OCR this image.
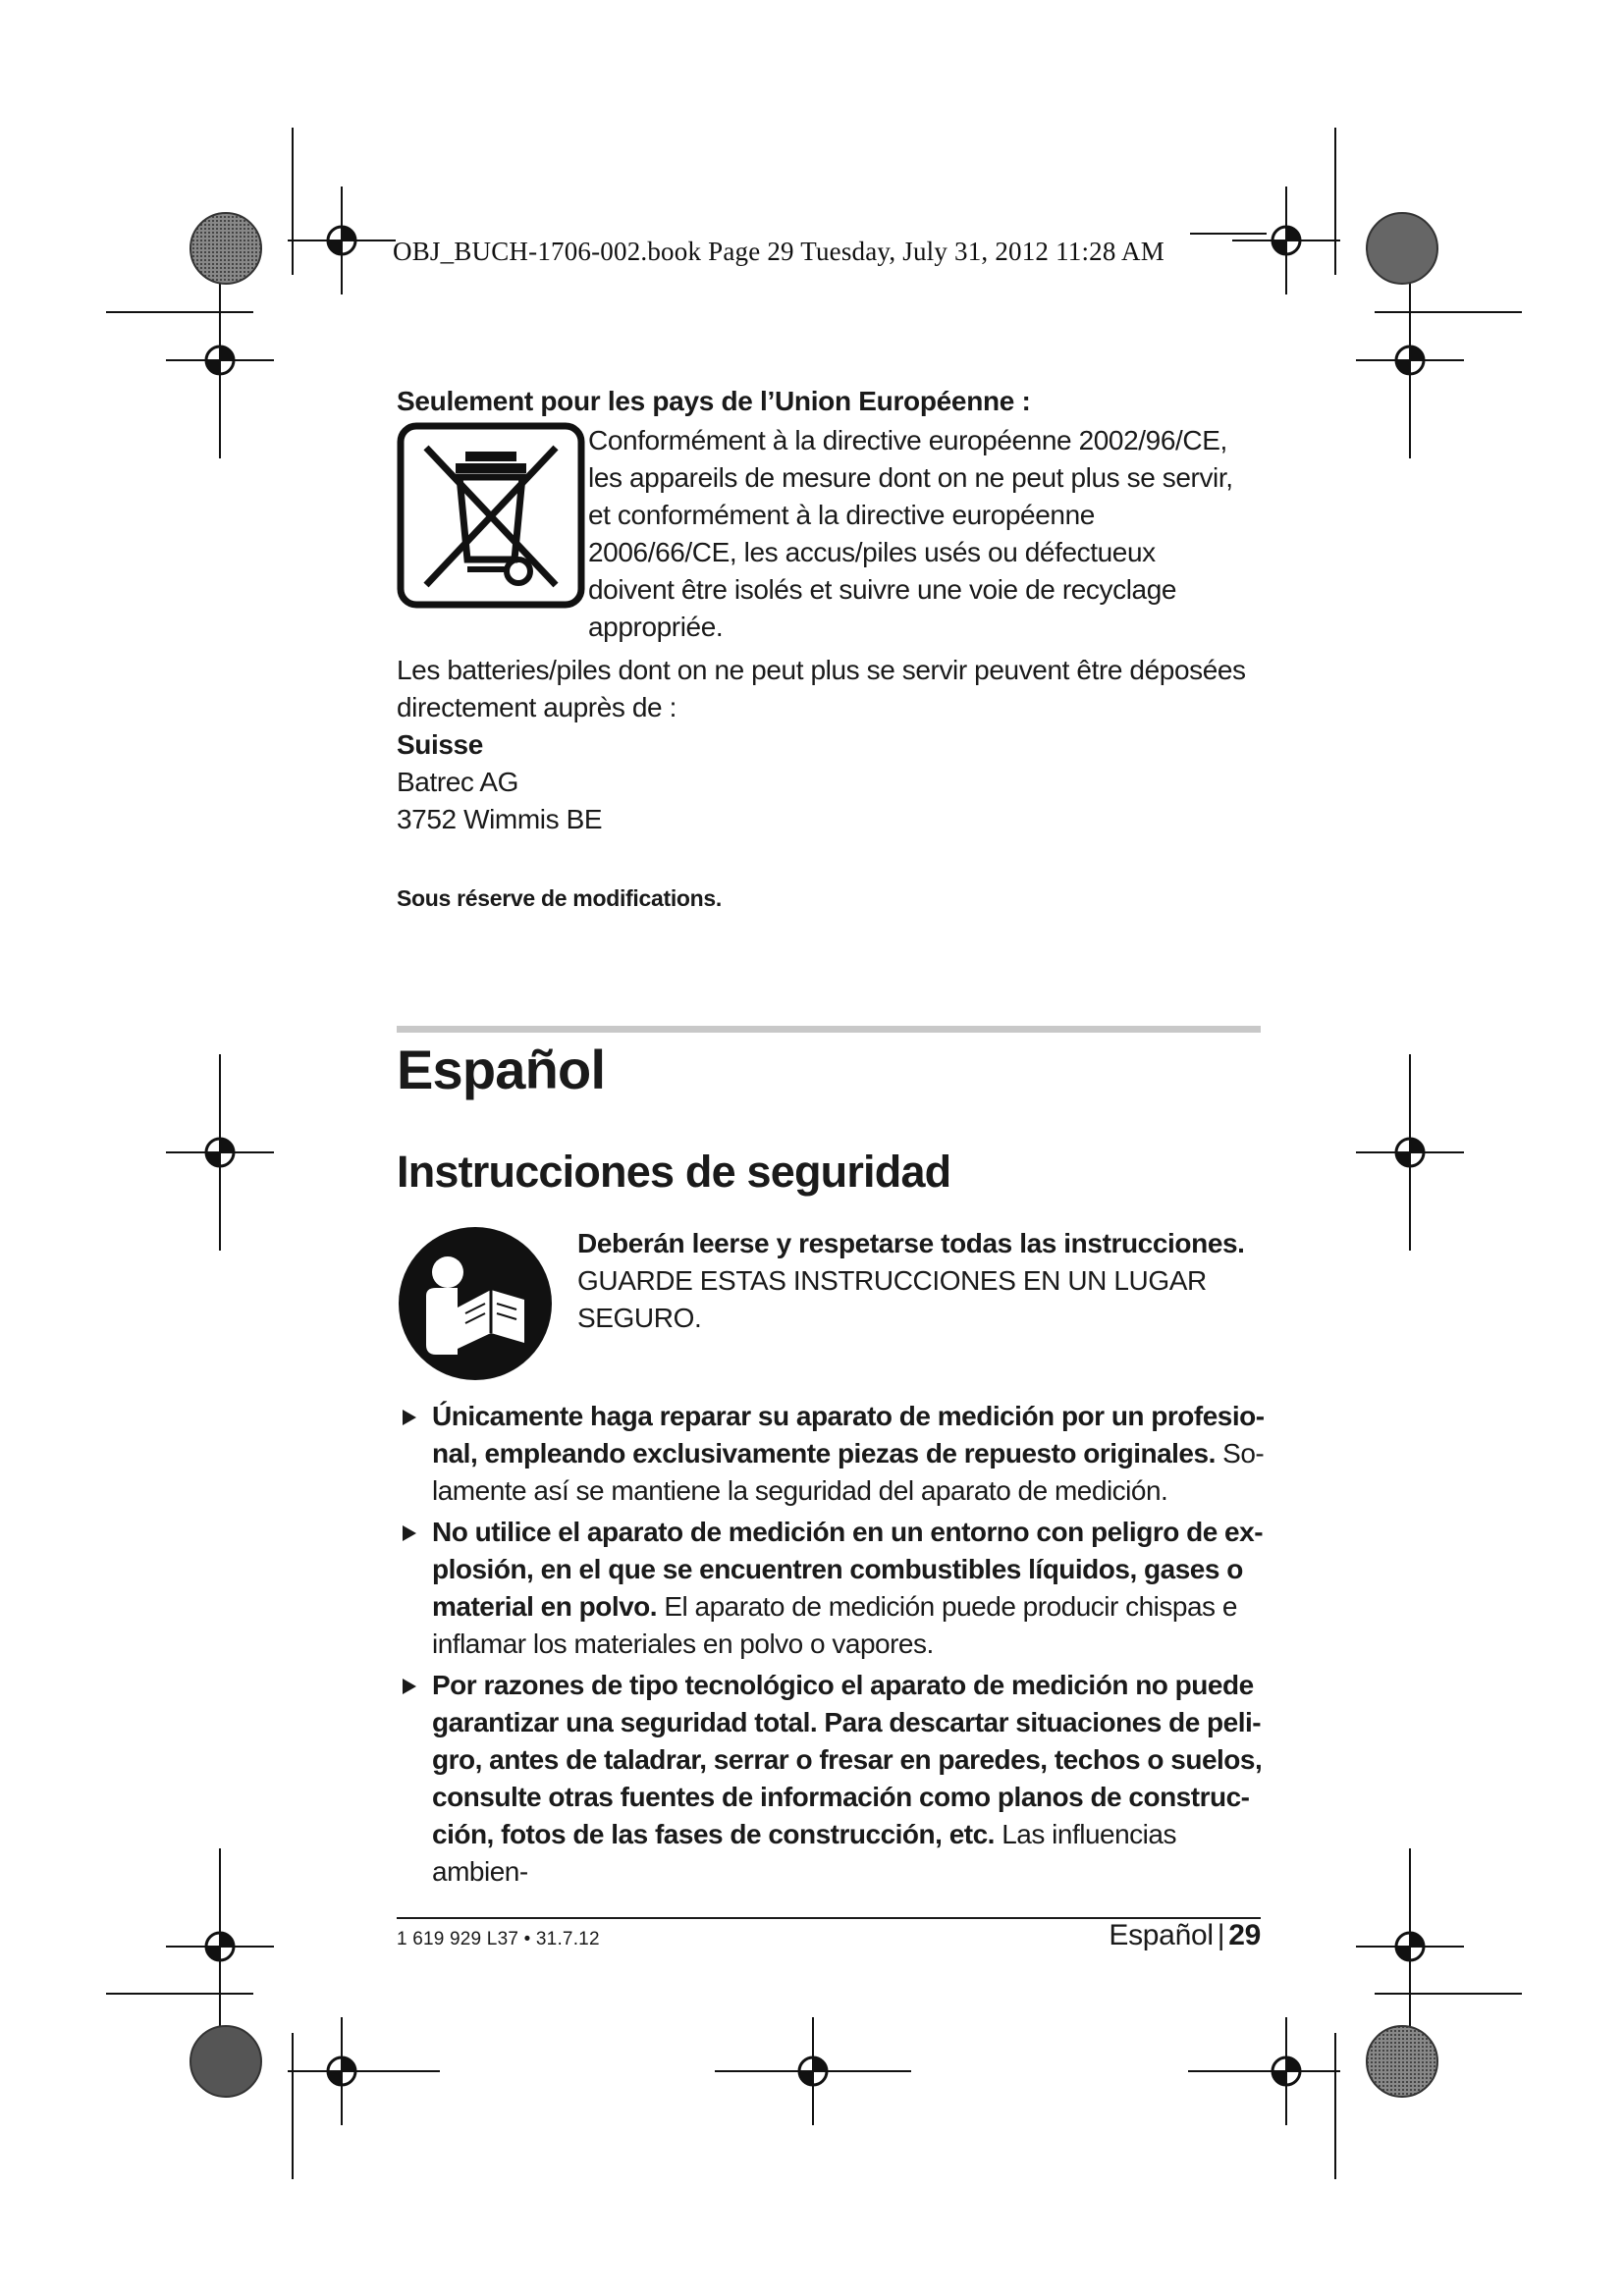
OBJ_BUCH-1706-002.book Page 29 Tuesday, July 31, 2012 11:28 AM

Seulement pour les pays de l’Union Européenne :

Conformément à la directive européenne 2002/96/CE,
les appareils de mesure dont on ne peut plus se servir,
et conformément à la directive européenne
2006/66/CE, les accus/piles usés ou défectueux
doivent être isolés et suivre une voie de recyclage
appropriée.
Les batteries/piles dont on ne peut plus se servir peuvent être déposées
directement auprès de :
Suisse
Batrec AG
3752 Wimmis BE
Sous réserve de modifications.
Español
Instrucciones de seguridad
Deberán leerse y respetarse todas las instrucciones.
GUARDE ESTAS INSTRUCCIONES EN UN LUGAR SEGURO.
Únicamente haga reparar su aparato de medición por un profesio-nal, empleando exclusivamente piezas de repuesto originales. So-lamente así se mantiene la seguridad del aparato de medición.
No utilice el aparato de medición en un entorno con peligro de ex-plosión, en el que se encuentren combustibles líquidos, gases o material en polvo. El aparato de medición puede producir chispas e inflamar los materiales en polvo o vapores.
Por razones de tipo tecnológico el aparato de medición no puede garantizar una seguridad total. Para descartar situaciones de peli-gro, antes de taladrar, serrar o fresar en paredes, techos o suelos, consulte otras fuentes de información como planos de construc-ción, fotos de las fases de construcción, etc. Las influencias ambien-
1 619 929 L37 • 31.7.12	Español | 29
